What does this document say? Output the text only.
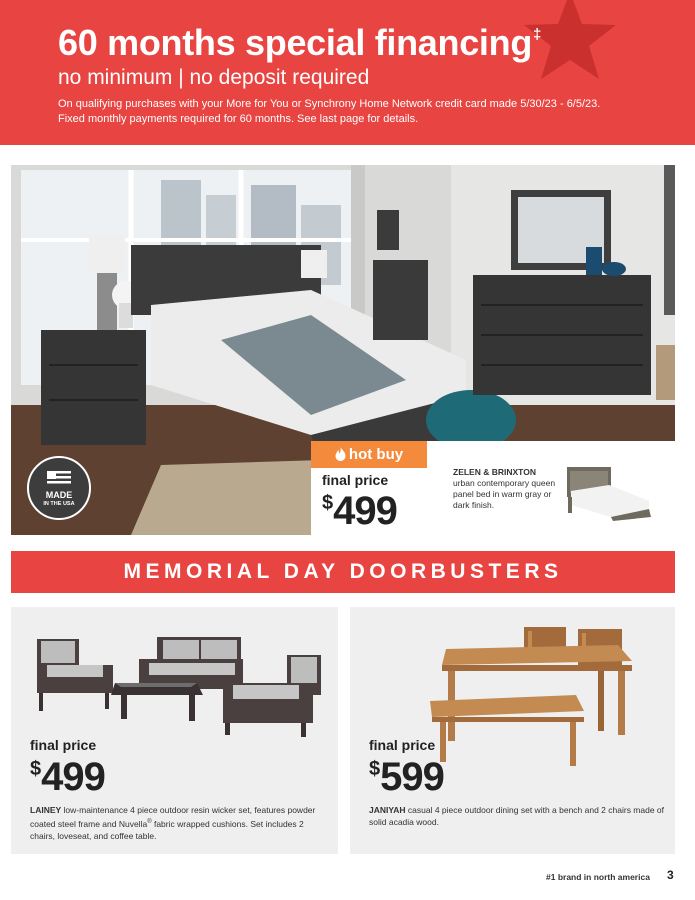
60 months special financing‡
no minimum | no deposit required
On qualifying purchases with your More for You or Synchrony Home Network credit card made 5/30/23 - 6/5/23.
Fixed monthly payments required for 60 months. See last page for details.
MADE
IN THE USA
hot buy
final price
$499
ZELEN & BRINXTON urban contemporary queen panel bed in warm gray or dark finish.
MEMORIAL DAY DOORBUSTERS
final price
$499
LAINEY low-maintenance 4 piece outdoor resin wicker set, features powder coated steel frame and Nuvella® fabric wrapped cushions. Set includes 2 chairs, loveseat, and coffee table.
final price
$599
JANIYAH casual 4 piece outdoor dining set with a bench and 2 chairs made of solid acadia wood.
#1 brand in north america 3
